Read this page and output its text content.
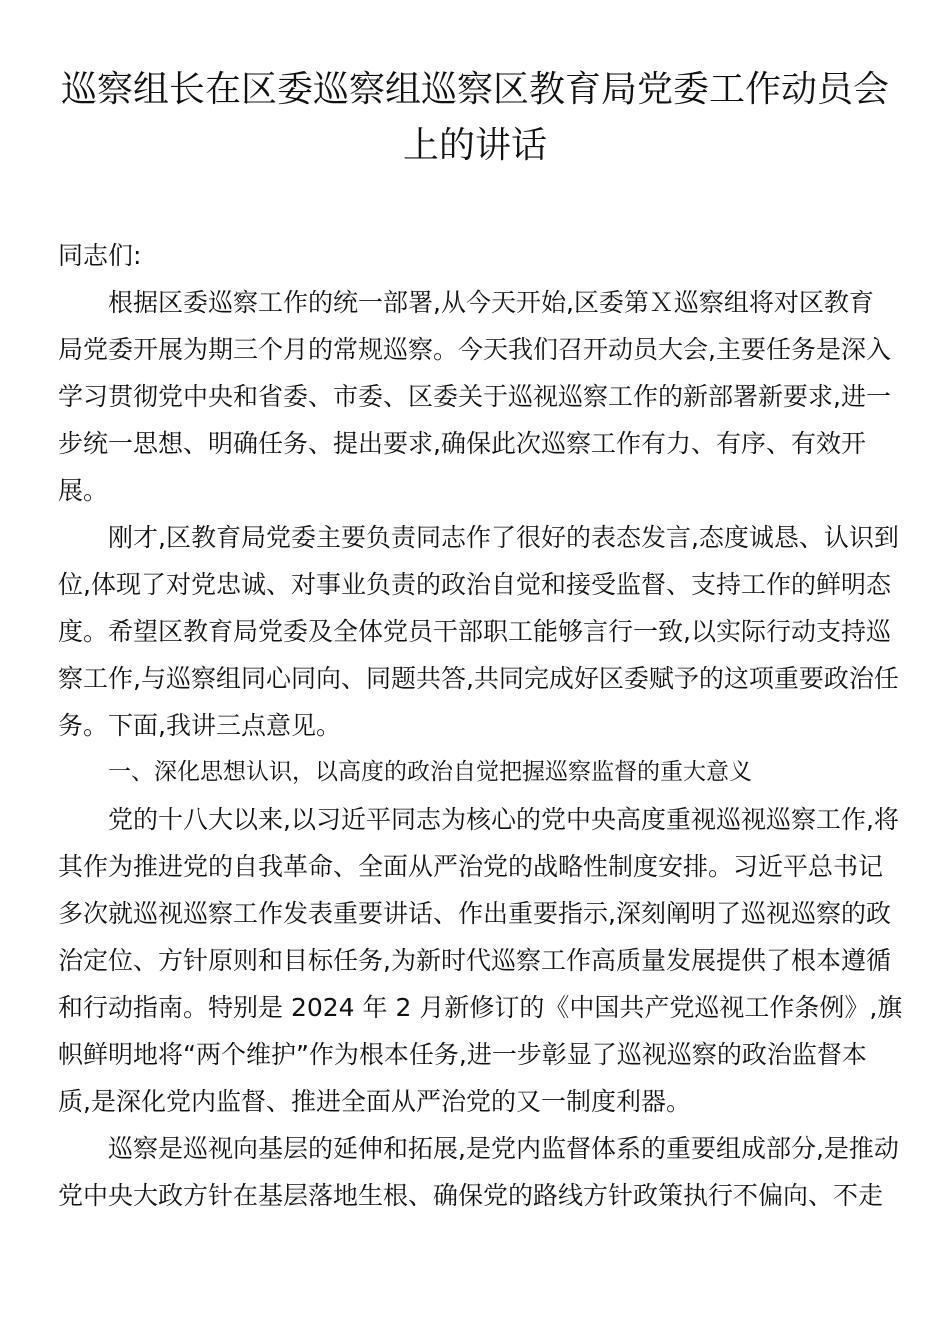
巡察组长在区委巡察组巡察区教育局党委工作动员会
上的讲话

同志们:

根据区委巡察工作的统一部署,从今天开始,区委第Ｘ巡察组将对区教育
局党委开展为期三个月的常规巡察。今天我们召开动员大会,主要任务是深入
学习贯彻党中央和省委、市委、区委关于巡视巡察工作的新部署新要求,进一
步统一思想、明确任务、提出要求,确保此次巡察工作有力、有序、有效开
展。

刚才,区教育局党委主要负责同志作了很好的表态发言,态度诚恳、认识到
位,体现了对党忠诚、对事业负责的政治自觉和接受监督、支持工作的鲜明态
度。希望区教育局党委及全体党员干部职工能够言行一致,以实际行动支持巡
察工作,与巡察组同心同向、同题共答,共同完成好区委赋予的这项重要政治任
务。下面,我讲三点意见。

一、深化思想认识，以高度的政治自觉把握巡察监督的重大意义

党的十八大以来,以习近平同志为核心的党中央高度重视巡视巡察工作,将
其作为推进党的自我革命、全面从严治党的战略性制度安排。习近平总书记
多次就巡视巡察工作发表重要讲话、作出重要指示,深刻阐明了巡视巡察的政
治定位、方针原则和目标任务,为新时代巡察工作高质量发展提供了根本遵循
和行动指南。特别是 2024 年 2 月新修订的《中国共产党巡视工作条例》,旗
帜鲜明地将“两个维护”作为根本任务,进一步彰显了巡视巡察的政治监督本
质,是深化党内监督、推进全面从严治党的又一制度利器。

巡察是巡视向基层的延伸和拓展,是党内监督体系的重要组成部分,是推动
党中央大政方针在基层落地生根、确保党的路线方针政策执行不偏向、不走
